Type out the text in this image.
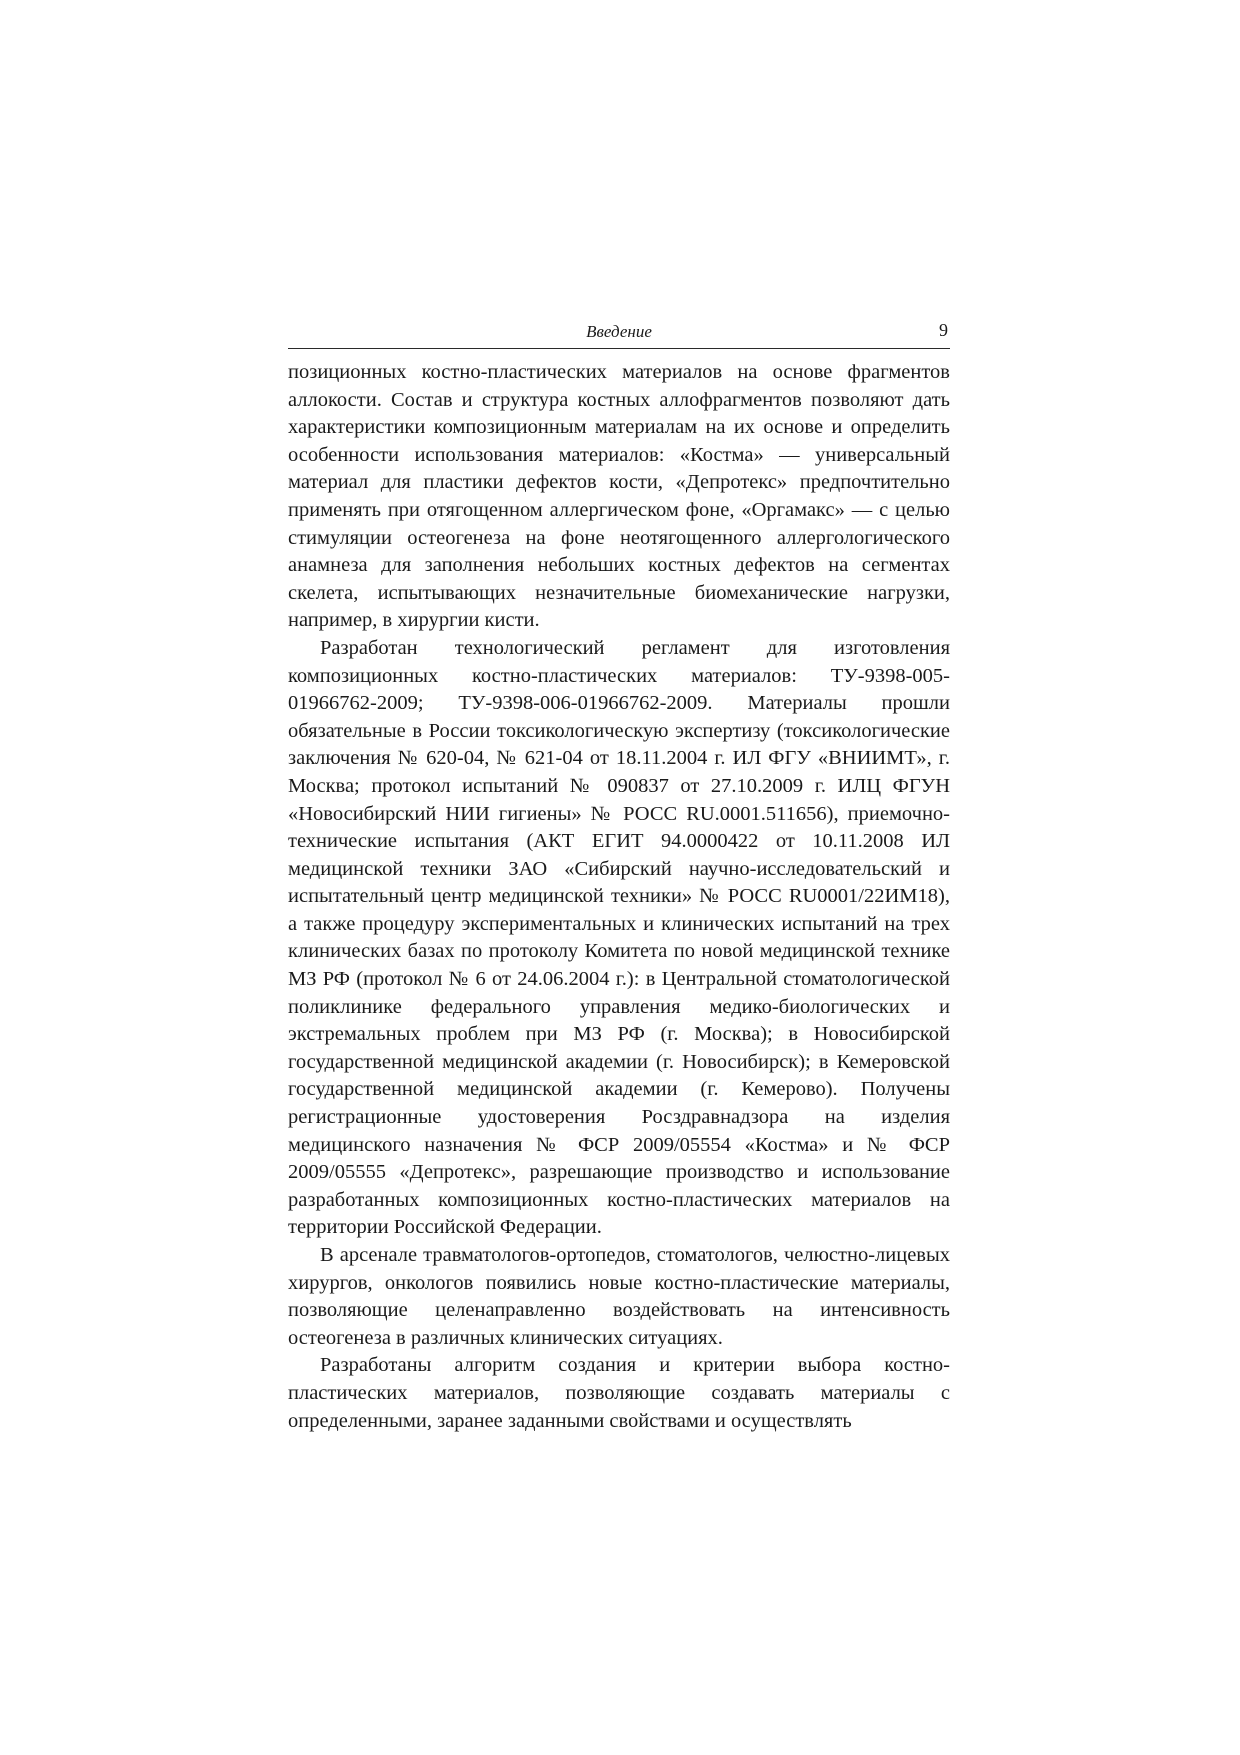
Введение	9

позиционных костно-пластических материалов на основе фрагментов аллокости. Состав и структура костных аллофрагментов позволяют дать характеристики композиционным материалам на их основе и определить особенности использования материалов: «Костма» — универсальный материал для пластики дефектов кости, «Депротекс» предпочтительно применять при отягощенном аллергическом фоне, «Оргамакс» — с целью стимуляции остеогенеза на фоне неотягощенного аллергологического анамнеза для заполнения небольших костных дефектов на сегментах скелета, испытывающих незначительные биомеханические нагрузки, например, в хирургии кисти.

Разработан технологический регламент для изготовления композиционных костно-пластических материалов: ТУ-9398-005-01966762-2009; ТУ-9398-006-01966762-2009. Материалы прошли обязательные в России токсикологическую экспертизу (токсикологические заключения № 620-04, № 621-04 от 18.11.2004 г. ИЛ ФГУ «ВНИИМТ», г. Москва; протокол испытаний № 090837 от 27.10.2009 г. ИЛЦ ФГУН «Новосибирский НИИ гигиены» № РОСС RU.0001.511656), приемочно-технические испытания (АКТ ЕГИТ 94.0000422 от 10.11.2008 ИЛ медицинской техники ЗАО «Сибирский научно-исследовательский и испытательный центр медицинской техники» № РОСС RU0001/22ИМ18), а также процедуру экспериментальных и клинических испытаний на трех клинических базах по протоколу Комитета по новой медицинской технике МЗ РФ (протокол № 6 от 24.06.2004 г.): в Центральной стоматологической поликлинике федерального управления медико-биологических и экстремальных проблем при МЗ РФ (г. Москва); в Новосибирской государственной медицинской академии (г. Новосибирск); в Кемеровской государственной медицинской академии (г. Кемерово). Получены регистрационные удостоверения Росздравнадзора на изделия медицинского назначения № ФСР 2009/05554 «Костма» и № ФСР 2009/05555 «Депротекс», разрешающие производство и использование разработанных композиционных костно-пластических материалов на территории Российской Федерации.

В арсенале травматологов-ортопедов, стоматологов, челюстно-лицевых хирургов, онкологов появились новые костно-пластические материалы, позволяющие целенаправленно воздействовать на интенсивность остеогенеза в различных клинических ситуациях.

Разработаны алгоритм создания и критерии выбора костно-пластических материалов, позволяющие создавать материалы с определенными, заранее заданными свойствами и осуществлять
